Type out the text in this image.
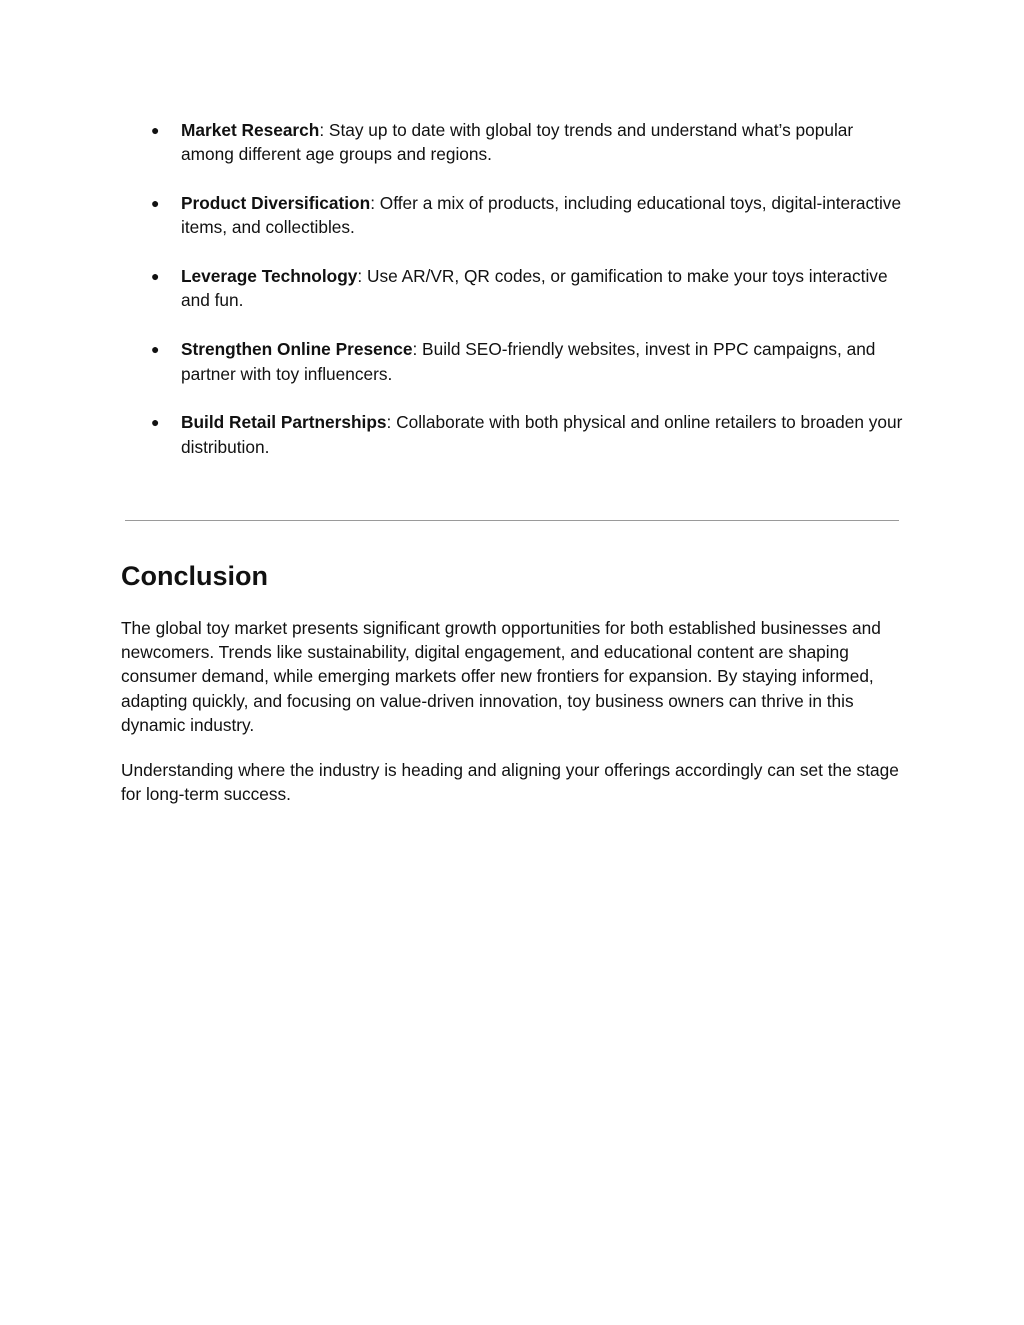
● Market Research: Stay up to date with global toy trends and understand what’s popular among different age groups and regions.
● Product Diversification: Offer a mix of products, including educational toys, digital-interactive items, and collectibles.
● Leverage Technology: Use AR/VR, QR codes, or gamification to make your toys interactive and fun.
● Strengthen Online Presence: Build SEO-friendly websites, invest in PPC campaigns, and partner with toy influencers.
● Build Retail Partnerships: Collaborate with both physical and online retailers to broaden your distribution.
Conclusion

The global toy market presents significant growth opportunities for both established businesses and newcomers. Trends like sustainability, digital engagement, and educational content are shaping consumer demand, while emerging markets offer new frontiers for expansion. By staying informed, adapting quickly, and focusing on value-driven innovation, toy business owners can thrive in this dynamic industry.

Understanding where the industry is heading and aligning your offerings accordingly can set the stage for long-term success.
